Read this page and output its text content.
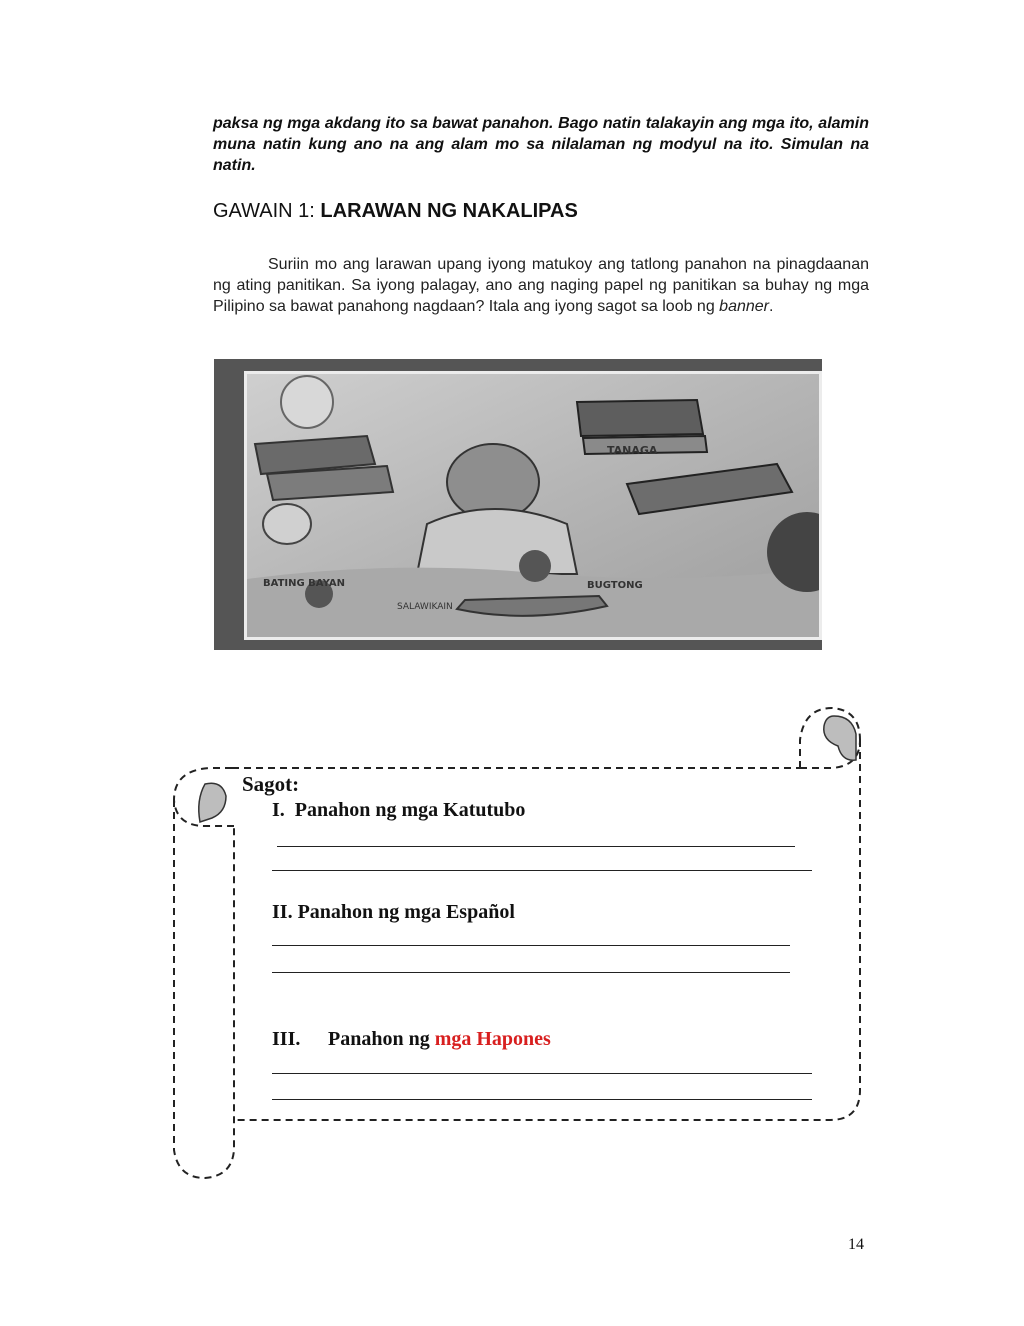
paksa ng mga akdang ito sa bawat panahon. Bago natin talakayin ang mga ito, alamin muna natin kung ano na ang alam mo sa nilalaman ng modyul na ito. Simulan na natin.

GAWAIN 1: LARAWAN NG NAKALIPAS

Suriin mo ang larawan upang iyong matukoy ang tatlong panahon na pinagdaanan ng ating panitikan. Sa iyong palagay, ano ang naging papel ng panitikan sa buhay ng mga Pilipino sa bawat panahong nagdaan? Itala ang iyong sagot sa loob ng banner.

TANAGA
BATING BAYAN
SALAWIKAIN
BUGTONG
Sagot:
I. Panahon ng mga Katutubo
II. Panahon ng mga Español
III. Panahon ng mga Hapones
14
